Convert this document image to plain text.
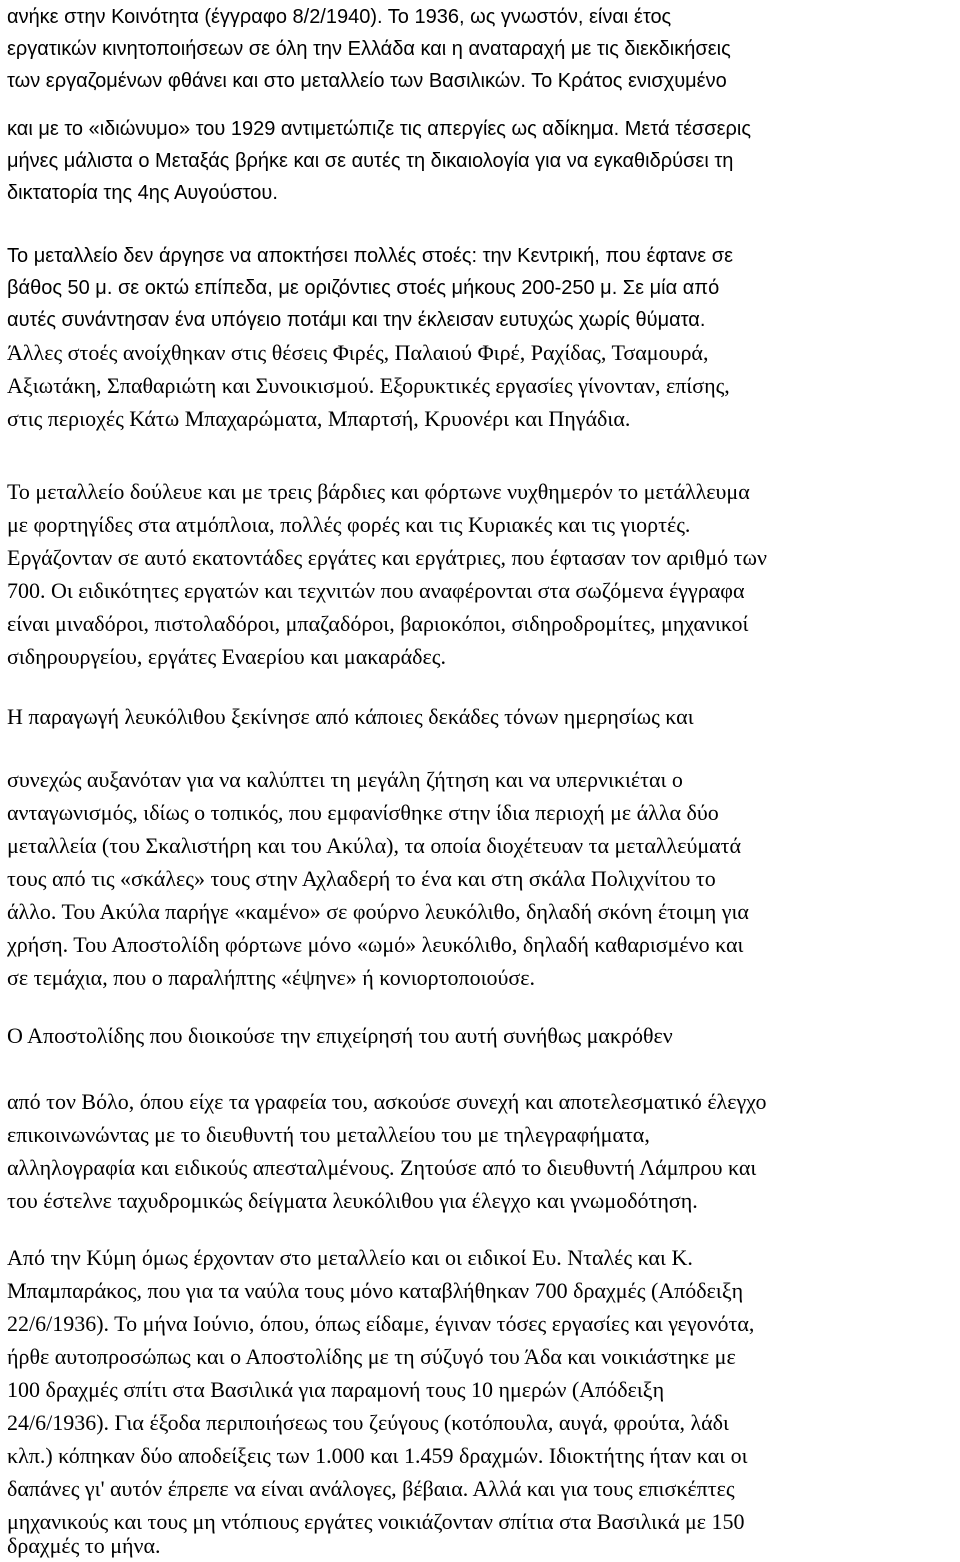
ανήκε στην Κοινότητα (έγγραφο 8/2/1940). Το 1936, ως γνωστόν, είναι έτος
εργατικών κινητοποιήσεων σε όλη την Ελλάδα και η αναταραχή με τις διεκδικήσεις
των εργαζομένων φθάνει και στο μεταλλείο των Βασιλικών. Το Κράτος ενισχυμένο
και με το «ιδιώνυμο» του 1929 αντιμετώπιζε τις απεργίες ως αδίκημα. Μετά τέσσερις
μήνες μάλιστα ο Μεταξάς βρήκε και σε αυτές τη δικαιολογία για να εγκαθιδρύσει τη
δικτατορία της 4ης Αυγούστου.
Το μεταλλείο δεν άργησε να αποκτήσει πολλές στοές: την Κεντρική, που έφτανε σε
βάθος 50 μ. σε οκτώ επίπεδα, με οριζόντιες στοές μήκους 200-250 μ. Σε μία από
αυτές συνάντησαν ένα υπόγειο ποτάμι και την έκλεισαν ευτυχώς χωρίς θύματα.
Άλλες στοές ανοίχθηκαν στις θέσεις Φιρές, Παλαιού Φιρέ, Ραχίδας, Τσαμουρά,
Αξιωτάκη, Σπαθαριώτη και Συνοικισμού. Εξορυκτικές εργασίες γίνονταν, επίσης,
στις περιοχές Κάτω Μπαχαρώματα, Μπαρτσή, Κρυονέρι και Πηγάδια.
Το μεταλλείο δούλευε και με τρεις βάρδιες και φόρτωνε νυχθημερόν το μετάλλευμα
με φορτηγίδες στα ατμόπλοια, πολλές φορές και τις Κυριακές και τις γιορτές.
Εργάζονταν σε αυτό εκατοντάδες εργάτες και εργάτριες, που έφτασαν τον αριθμό των
700. Οι ειδικότητες εργατών και τεχνιτών που αναφέρονται στα σωζόμενα έγγραφα
είναι μιναδόροι, πιστολαδόροι, μπαζαδόροι, βαριοκόποι, σιδηροδρομίτες, μηχανικοί
σιδηρουργείου, εργάτες Εναερίου και μακαράδες.
Η παραγωγή λευκόλιθου ξεκίνησε από κάποιες δεκάδες τόνων ημερησίως και
συνεχώς αυξανόταν για να καλύπτει τη μεγάλη ζήτηση και να υπερνικιέται ο
ανταγωνισμός, ιδίως ο τοπικός, που εμφανίσθηκε στην ίδια περιοχή με άλλα δύο
μεταλλεία (του Σκαλιστήρη και του Ακύλα), τα οποία διοχέτευαν τα μεταλλεύματά
τους από τις «σκάλες» τους στην Αχλαδερή το ένα και στη σκάλα Πολιχνίτου το
άλλο. Του Ακύλα παρήγε «καμένο» σε φούρνο λευκόλιθο, δηλαδή σκόνη έτοιμη για
χρήση. Του Αποστολίδη φόρτωνε μόνο «ωμό» λευκόλιθο, δηλαδή καθαρισμένο και
σε τεμάχια, που ο παραλήπτης «έψηνε» ή κονιορτοποιούσε.
Ο Αποστολίδης που διοικούσε την επιχείρησή του αυτή συνήθως μακρόθεν
από τον Βόλο, όπου είχε τα γραφεία του, ασκούσε συνεχή και αποτελεσματικό έλεγχο
επικοινωνώντας με το διευθυντή του μεταλλείου του με τηλεγραφήματα,
αλληλογραφία και ειδικούς απεσταλμένους. Ζητούσε από το διευθυντή Λάμπρου και
του έστελνε ταχυδρομικώς δείγματα λευκόλιθου για έλεγχο και γνωμοδότηση.
Από την Κύμη όμως έρχονταν στο μεταλλείο και οι ειδικοί Ευ. Νταλές και Κ.
Μπαμπαράκος, που για τα ναύλα τους μόνο καταβλήθηκαν 700 δραχμές (Απόδειξη
22/6/1936). Το μήνα Ιούνιο, όπου, όπως είδαμε, έγιναν τόσες εργασίες και γεγονότα,
ήρθε αυτοπροσώπως και ο Αποστολίδης με τη σύζυγό του Άδα και νοικιάστηκε με
100 δραχμές σπίτι στα Βασιλικά για παραμονή τους 10 ημερών (Απόδειξη
24/6/1936). Για έξοδα περιποιήσεως του ζεύγους (κοτόπουλα, αυγά, φρούτα, λάδι
κλπ.) κόπηκαν δύο αποδείξεις των 1.000 και 1.459 δραχμών. Ιδιοκτήτης ήταν και οι
δαπάνες γι' αυτόν έπρεπε να είναι ανάλογες, βέβαια. Αλλά και για τους επισκέπτες
μηχανικούς και τους μη ντόπιους εργάτες νοικιάζονταν σπίτια στα Βασιλικά με 150
δραχμές το μήνα.
